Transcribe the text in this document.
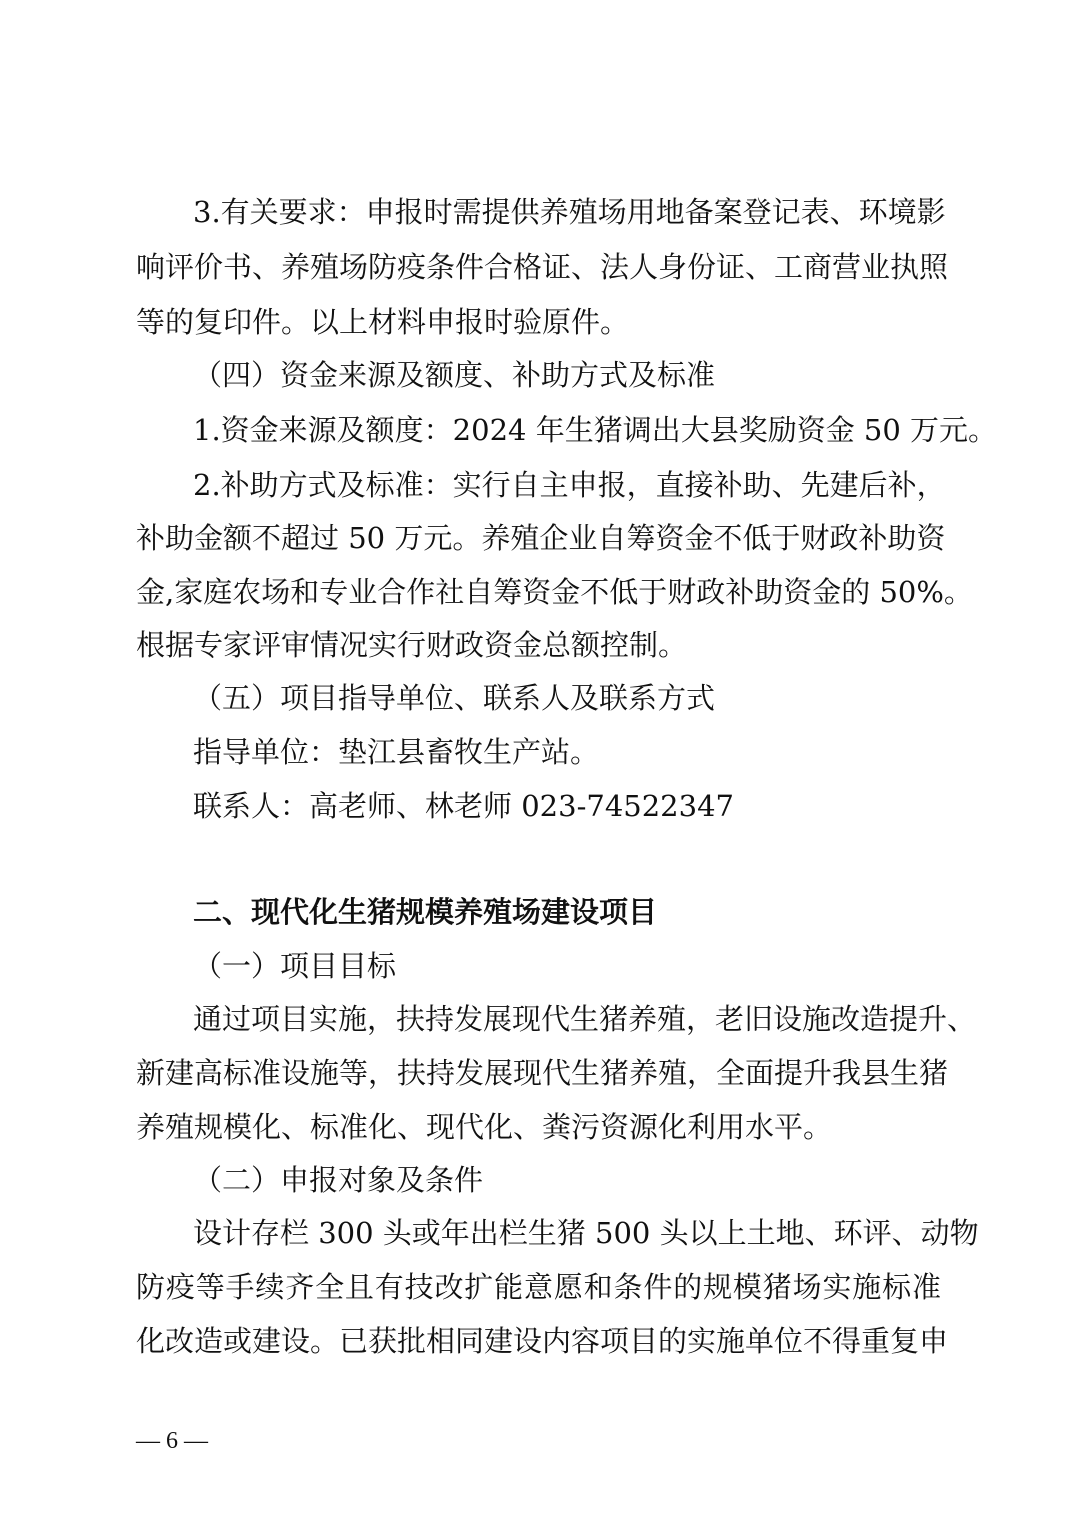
3.有关要求：申报时需提供养殖场用地备案登记表、环境影
响评价书、养殖场防疫条件合格证、法人身份证、工商营业执照
等的复印件。以上材料申报时验原件。
（四）资金来源及额度、补助方式及标准
1.资金来源及额度：2024 年生猪调出大县奖励资金 50 万元。
2.补助方式及标准：实行自主申报，直接补助、先建后补，
补助金额不超过 50 万元。养殖企业自筹资金不低于财政补助资
金,家庭农场和专业合作社自筹资金不低于财政补助资金的 50%。
根据专家评审情况实行财政资金总额控制。
（五）项目指导单位、联系人及联系方式
指导单位：垫江县畜牧生产站。
联系人：高老师、林老师 023-74522347
二、现代化生猪规模养殖场建设项目
（一）项目目标
通过项目实施，扶持发展现代生猪养殖，老旧设施改造提升、
新建高标准设施等，扶持发展现代生猪养殖，全面提升我县生猪
养殖规模化、标准化、现代化、粪污资源化利用水平。
（二）申报对象及条件
设计存栏 300 头或年出栏生猪 500 头以上土地、环评、动物
防疫等手续齐全且有技改扩能意愿和条件的规模猪场实施标准
化改造或建设。已获批相同建设内容项目的实施单位不得重复申
— 6 —
